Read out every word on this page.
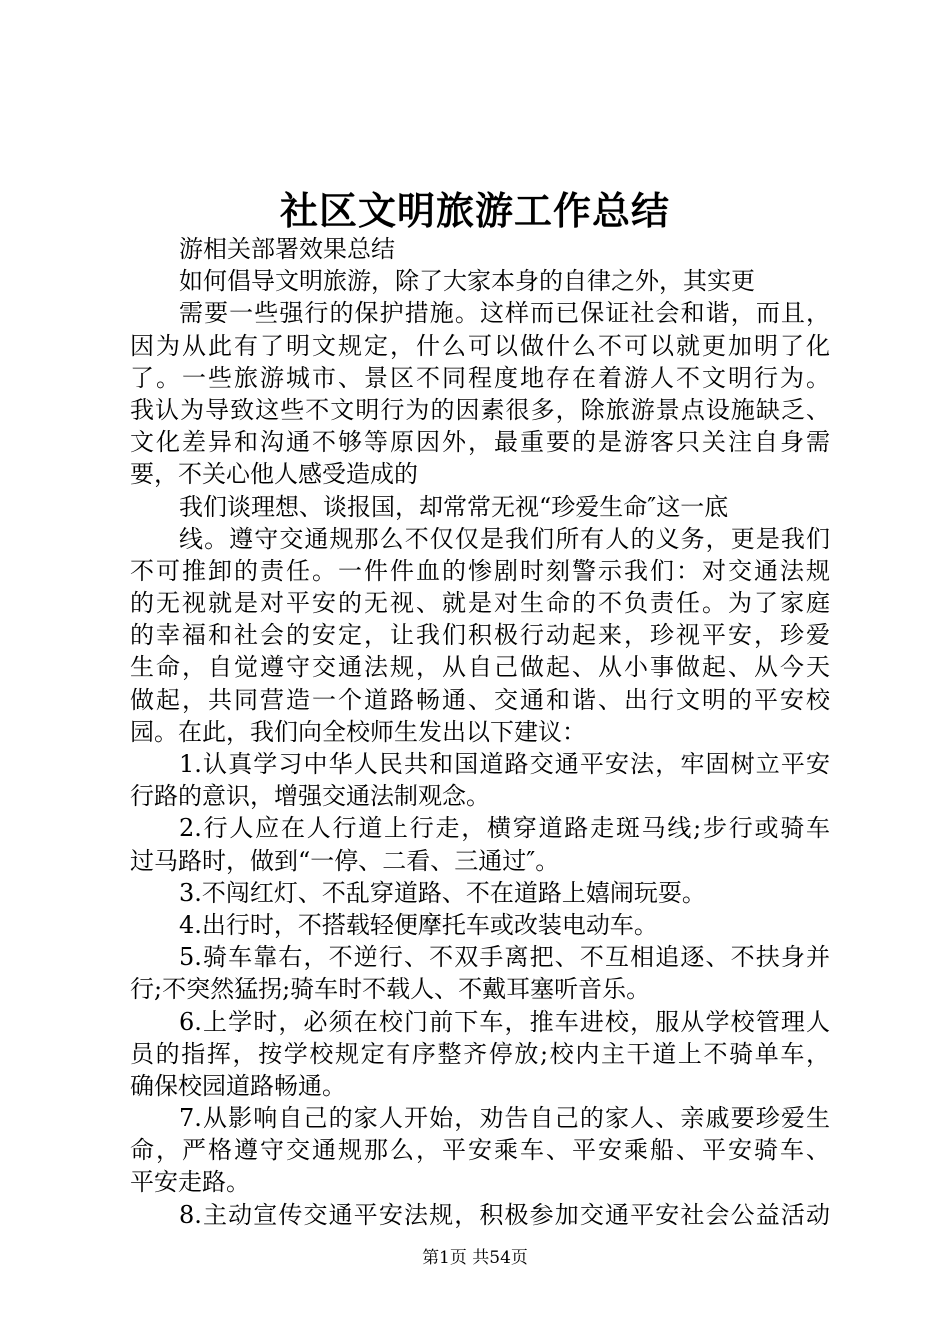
社区文明旅游工作总结
游相关部署效果总结
如何倡导文明旅游，除了大家本身的自律之外，其实更
需要一些强行的保护措施。这样而已保证社会和谐，而且，
因为从此有了明文规定，什么可以做什么不可以就更加明了化
了。一些旅游城市、景区不同程度地存在着游人不文明行为。
我认为导致这些不文明行为的因素很多，除旅游景点设施缺乏、
文化差异和沟通不够等原因外，最重要的是游客只关注自身需
要，不关心他人感受造成的
我们谈理想、谈报国，却常常无视“珍爱生命″这一底
线。遵守交通规那么不仅仅是我们所有人的义务，更是我们
不可推卸的责任。一件件血的惨剧时刻警示我们：对交通法规
的无视就是对平安的无视、就是对生命的不负责任。为了家庭
的幸福和社会的安定，让我们积极行动起来，珍视平安，珍爱
生命，自觉遵守交通法规，从自己做起、从小事做起、从今天
做起，共同营造一个道路畅通、交通和谐、出行文明的平安校
园。在此，我们向全校师生发出以下建议：
1.认真学习中华人民共和国道路交通平安法，牢固树立平安
行路的意识，增强交通法制观念。
2.行人应在人行道上行走，横穿道路走斑马线;步行或骑车
过马路时，做到“一停、二看、三通过″。
3.不闯红灯、不乱穿道路、不在道路上嬉闹玩耍。
4.出行时，不搭载轻便摩托车或改装电动车。
5.骑车靠右，不逆行、不双手离把、不互相追逐、不扶身并
行;不突然猛拐;骑车时不载人、不戴耳塞听音乐。
6.上学时，必须在校门前下车，推车进校，服从学校管理人
员的指挥，按学校规定有序整齐停放;校内主干道上不骑单车，
确保校园道路畅通。
7.从影响自己的家人开始，劝告自己的家人、亲戚要珍爱生
命，严格遵守交通规那么，平安乘车、平安乘船、平安骑车、
平安走路。
8.主动宣传交通平安法规，积极参加交通平安社会公益活动
第1页 共54页
